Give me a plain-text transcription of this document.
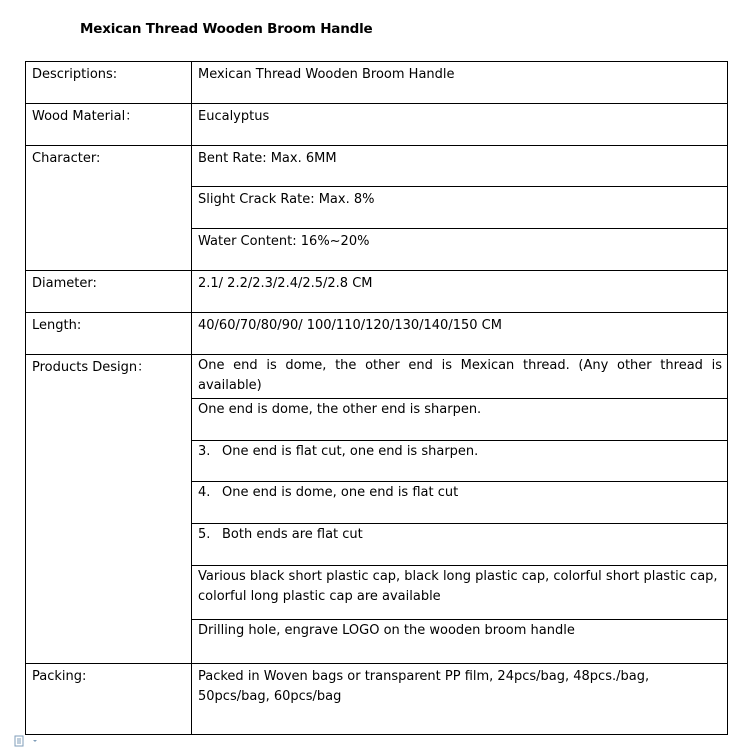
Mexican Thread Wooden Broom Handle
Descriptions:	Mexican Thread Wooden Broom Handle
Wood Material：	Eucalyptus
Character:	Bent Rate: Max. 6MM
	Slight Crack Rate: Max. 8%
	Water Content: 16%~20%
Diameter:	2.1/ 2.2/2.3/2.4/2.5/2.8 CM
Length:	40/60/70/80/90/ 100/110/120/130/140/150 CM
Products Design：	One end is dome, the other end is Mexican thread. (Any other thread is available)
	One end is dome, the other end is sharpen.
	3. One end is flat cut, one end is sharpen.
	4. One end is dome, one end is flat cut
	5. Both ends are flat cut
	Various black short plastic cap, black long plastic cap, colorful short plastic cap, colorful long plastic cap are available
	Drilling hole, engrave LOGO on the wooden broom handle
Packing:	Packed in Woven bags or transparent PP film, 24pcs/bag, 48pcs./bag, 50pcs/bag, 60pcs/bag
